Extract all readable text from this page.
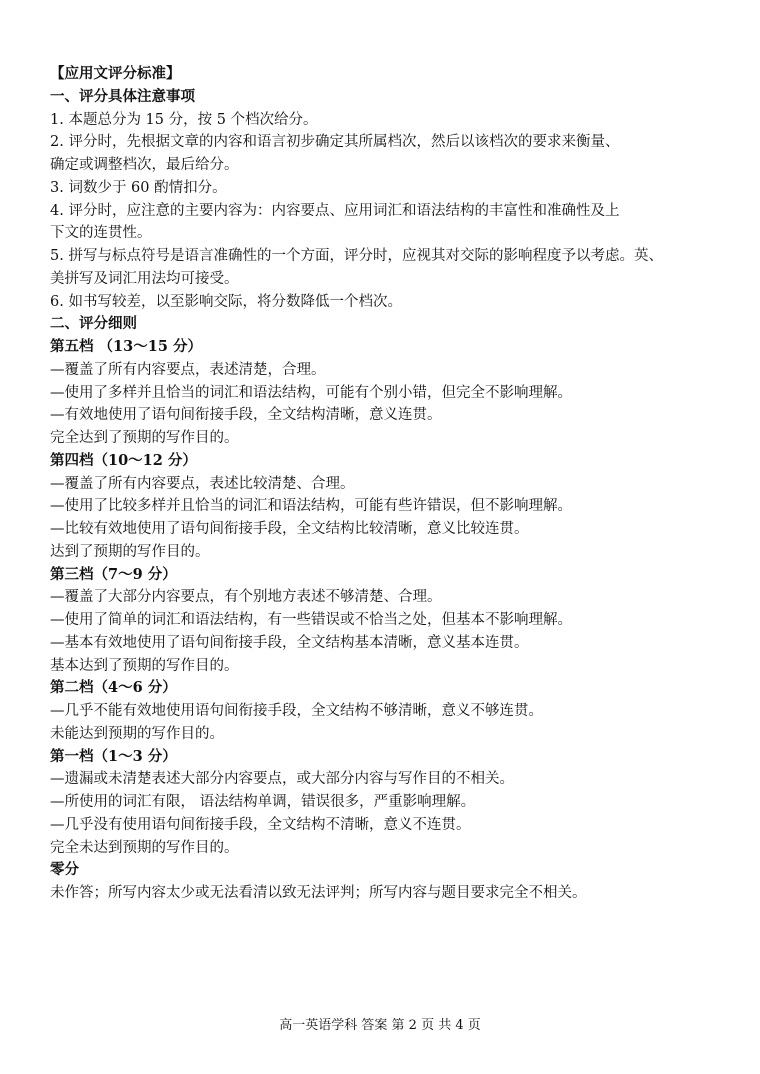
【应用文评分标准】

一、评分具体注意事项

1. 本题总分为 15 分，按 5 个档次给分。

2. 评分时，先根据文章的内容和语言初步确定其所属档次，然后以该档次的要求来衡量、

确定或调整档次，最后给分。

3. 词数少于 60 酌情扣分。

4. 评分时，应注意的主要内容为：内容要点、应用词汇和语法结构的丰富性和准确性及上

下文的连贯性。

5. 拼写与标点符号是语言准确性的一个方面，评分时，应视其对交际的影响程度予以考虑。英、

美拼写及词汇用法均可接受。

6. 如书写较差，以至影响交际，将分数降低一个档次。

二、评分细则

第五档 （13～15 分）

—覆盖了所有内容要点，表述清楚，合理。

—使用了多样并且恰当的词汇和语法结构，可能有个别小错，但完全不影响理解。

—有效地使用了语句间衔接手段，全文结构清晰，意义连贯。

完全达到了预期的写作目的。

第四档（10～12 分）

—覆盖了所有内容要点，表述比较清楚、合理。

—使用了比较多样并且恰当的词汇和语法结构，可能有些许错误，但不影响理解。

—比较有效地使用了语句间衔接手段，全文结构比较清晰，意义比较连贯。

达到了预期的写作目的。

第三档（7～9 分）

—覆盖了大部分内容要点，有个别地方表述不够清楚、合理。

—使用了简单的词汇和语法结构，有一些错误或不恰当之处，但基本不影响理解。

—基本有效地使用了语句间衔接手段，全文结构基本清晰，意义基本连贯。

基本达到了预期的写作目的。

第二档（4～6 分）

—几乎不能有效地使用语句间衔接手段，全文结构不够清晰，意义不够连贯。

未能达到预期的写作目的。

第一档（1～3 分）

—遗漏或未清楚表述大部分内容要点，或大部分内容与写作目的不相关。

—所使用的词汇有限， 语法结构单调，错误很多，严重影响理解。

—几乎没有使用语句间衔接手段，全文结构不清晰，意义不连贯。

完全未达到预期的写作目的。

零分

未作答；所写内容太少或无法看清以致无法评判；所写内容与题目要求完全不相关。

高一英语学科 答案 第 2 页 共 4 页
